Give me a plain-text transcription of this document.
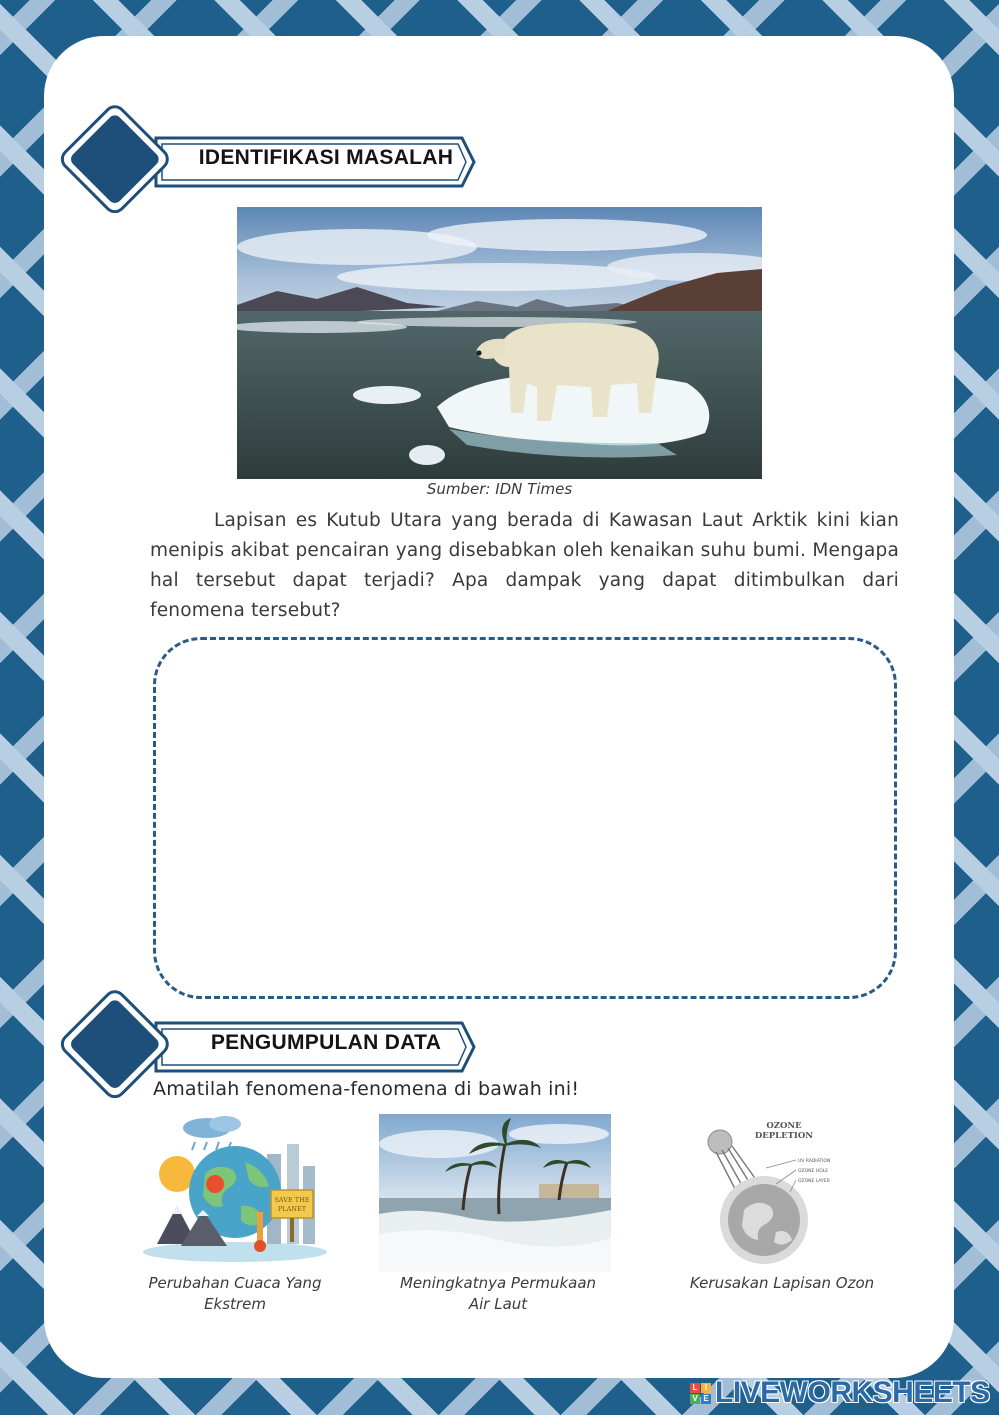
IDENTIFIKASI MASALAH
Sumber: IDN Times
Lapisan es Kutub Utara yang berada di Kawasan Laut Arktik kini kian menipis akibat pencairan yang disebabkan oleh kenaikan suhu bumi. Mengapa hal tersebut dapat terjadi? Apa dampak yang dapat ditimbulkan dari fenomena tersebut?
PENGUMPULAN DATA
Amatilah fenomena-fenomena di bawah ini!
SAVE THE
PLANET
Perubahan Cuaca Yang
Ekstrem
Meningkatnya Permukaan
Air Laut
OZONE
DEPLETION
UV RADIATION
OZONE HOLE
OZONE LAYER
Kerusakan Lapisan Ozon
L I
V E LIVEWORKSHEETS
